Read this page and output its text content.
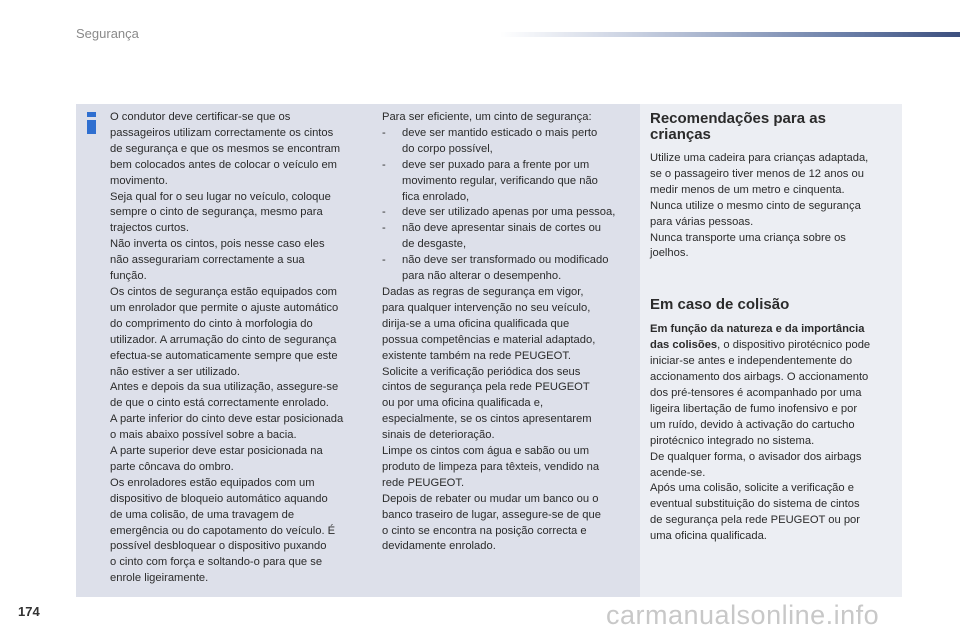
Segurança

O condutor deve certificar-se que os

passageiros utilizam correctamente os cintos

de segurança e que os mesmos se encontram

bem colocados antes de colocar o veículo em

movimento.

Seja qual for o seu lugar no veículo, coloque

sempre o cinto de segurança, mesmo para

trajectos curtos.

Não inverta os cintos, pois nesse caso eles

não assegurariam correctamente a sua

função.

Os cintos de segurança estão equipados com

um enrolador que permite o ajuste automático

do comprimento do cinto à morfologia do

utilizador. A arrumação do cinto de segurança

efectua-se automaticamente sempre que este

não estiver a ser utilizado.

Antes e depois da sua utilização, assegure-se

de que o cinto está correctamente enrolado.

A parte inferior do cinto deve estar posicionada

o mais abaixo possível sobre a bacia.

A parte superior deve estar posicionada na

parte côncava do ombro.

Os enroladores estão equipados com um

dispositivo de bloqueio automático aquando

de uma colisão, de uma travagem de

emergência ou do capotamento do veículo. É

possível desbloquear o dispositivo puxando

o cinto com força e soltando-o para que se

enrole ligeiramente.

Para ser eficiente, um cinto de segurança:

-	deve ser mantido esticado o mais perto
do corpo possível,
-	deve ser puxado para a frente por um
movimento regular, verificando que não
fica enrolado,
-	deve ser utilizado apenas por uma pessoa,
-	não deve apresentar sinais de cortes ou
de desgaste,
-	não deve ser transformado ou modificado
para não alterar o desempenho.

Dadas as regras de segurança em vigor,

para qualquer intervenção no seu veículo,

dirija-se a uma oficina qualificada que

possua competências e material adaptado,

existente também na rede PEUGEOT.

Solicite a verificação periódica dos seus

cintos de segurança pela rede PEUGEOT

ou por uma oficina qualificada e,

especialmente, se os cintos apresentarem

sinais de deterioração.

Limpe os cintos com água e sabão ou um

produto de limpeza para têxteis, vendido na

rede PEUGEOT.

Depois de rebater ou mudar um banco ou o

banco traseiro de lugar, assegure-se de que

o cinto se encontra na posição correcta e

devidamente enrolado.

Recomendações para as

crianças

Utilize uma cadeira para crianças adaptada,

se o passageiro tiver menos de 12 anos ou

medir menos de um metro e cinquenta.

Nunca utilize o mesmo cinto de segurança

para várias pessoas.

Nunca transporte uma criança sobre os

joelhos.

Em caso de colisão

Em função da natureza e da importância

das colisões, o dispositivo pirotécnico pode

iniciar-se antes e independentemente do

accionamento dos airbags. O accionamento

dos pré-tensores é acompanhado por uma

ligeira libertação de fumo inofensivo e por

um ruído, devido à activação do cartucho

pirotécnico integrado no sistema.

De qualquer forma, o avisador dos airbags

acende-se.

Após uma colisão, solicite a verificação e

eventual substituição do sistema de cintos

de segurança pela rede PEUGEOT ou por

uma oficina qualificada.

174	carmanualsonline.info
